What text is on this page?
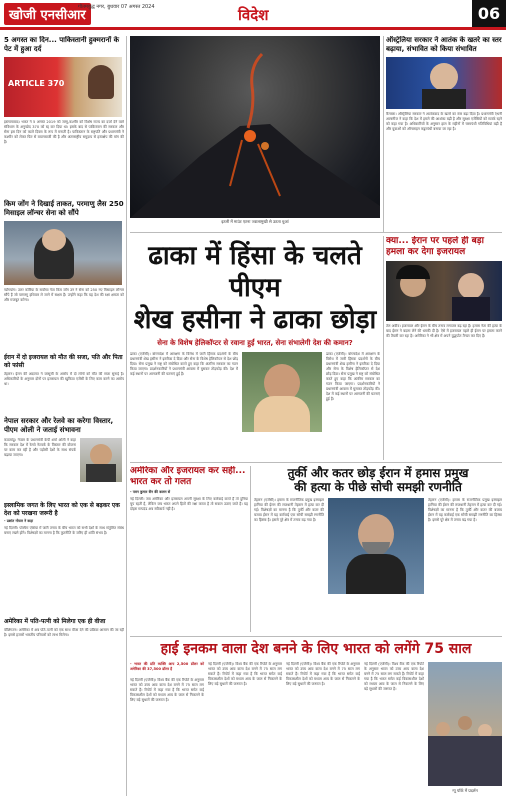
खोजी एनसीआर
गौतमबुद्ध नगर, बुधवार 07 अगस्त 2024	विदेश	06
5 अगस्त का दिन... पाकिस्तानी हुक्मरानों के पेट में हुआ दर्द
ARTICLE 370
इस्लामाबाद। भारत ने 5 अगस्त 2019 को जम्मू-कश्मीर को विशेष राज्य का दर्जा देने वाले संविधान के अनुच्छेद 370 को रद्द कर दिया था। इसके बाद से पाकिस्तान की सरकार और सेना इस दिन को काले दिवस के रूप में मनाती है। पाकिस्तान के राष्ट्रपति और प्रधानमंत्री ने कश्मीर को लेकर फिर से बयानबाजी की है और अंतरराष्ट्रीय समुदाय से हस्तक्षेप की मांग की है।
किम जोंग ने दिखाई ताकत, परमाणु लैस 250 मिसाइल लॉन्चर सेना को सौंपे
प्योंगयांग। उत्तर कोरिया के सर्वोच्च नेता किम जोंग उन ने सेना को 250 नए मिसाइल लॉन्चर सौंपे हैं जो परमाणु हथियार ले जाने में सक्षम हैं। उन्होंने कहा कि यह देश की रक्षा क्षमता को और मजबूत करेगा।
ईरान में दो इजरायल को मौत की सजा, पति और पिता को फांसी
तेहरान। ईरान की अदालत ने जासूसी के आरोप में दो लोगों को मौत की सजा सुनाई है। अधिकारियों के अनुसार दोनों पर इजरायल की खुफिया एजेंसी के लिए काम करने का आरोप था।
नेपाल सरकार और रेलवे का करेगा विस्तार, पीएम ओली ने जताई संभावना
काठमांडू। नेपाल के प्रधानमंत्री केपी शर्मा ओली ने कहा कि सरकार देश में रेलवे नेटवर्क के विस्तार की योजना पर काम कर रही है और पड़ोसी देशों के साथ संपर्क बढ़ाया जाएगा।
इस्लामिक जगत के लिए भारत को एक से बढ़कर एक देश को परखना जरूरी है
- प्रशांत गोयल ने कहा
नई दिल्ली। पश्चिम एशिया में जारी तनाव के बीच भारत को सभी देशों के साथ संतुलित संबंध बनाए रखने होंगे। विशेषज्ञों का मानना है कि कूटनीति के जरिए ही शांति संभव है।
अमेरिका में पति-पत्नी को मिलेगा एक ही वीजा
वॉशिंगटन। अमेरिका में अब पति-पत्नी को एक साथ वीजा देने की प्रक्रिया आसान की जा रही है। इससे हजारों भारतीय परिवारों को लाभ मिलेगा।
इटली में माउंट एटना ज्वालामुखी से उठता धुआं
ऑस्ट्रेलिया सरकार ने आतंक के खतरे का स्तर बढ़ाया, संभावित को किया संभावित
कैनबरा। ऑस्ट्रेलिया सरकार ने आतंकवाद के खतरे का स्तर बढ़ा दिया है। प्रधानमंत्री एंथनी अल्बनीज ने कहा कि देश में हमले की आशंका बढ़ी है और सुरक्षा एजेंसियों को सतर्क रहने को कहा गया है। अधिकारियों के अनुसार हाल के महीनों में चरमपंथी गतिविधियां बढ़ी हैं और युवाओं को ऑनलाइन कट्टरपंथी बनाया जा रहा है।
ढाका में हिंसा के चलते पीएम
शेख हसीना ने ढाका छोड़ा
सेना के विशेष हेलिकॉप्टर से रवाना हुईं भारत, सेना संभालेगी देश की कमान?
ढाका (एजेंसी)। बांग्लादेश में आरक्षण के विरोध में जारी हिंसक प्रदर्शनों के बीच प्रधानमंत्री शेख हसीना ने इस्तीफा दे दिया और सेना के विशेष हेलिकॉप्टर से देश छोड़ दिया। सेना प्रमुख ने राष्ट्र को संबोधित करते हुए कहा कि अंतरिम सरकार का गठन किया जाएगा। प्रदर्शनकारियों ने प्रधानमंत्री आवास में घुसकर तोड़फोड़ की। देश में कई स्थानों पर आगजनी की घटनाएं हुई हैं।
ढाका (एजेंसी)। बांग्लादेश में आरक्षण के विरोध में जारी हिंसक प्रदर्शनों के बीच प्रधानमंत्री शेख हसीना ने इस्तीफा दे दिया और सेना के विशेष हेलिकॉप्टर से देश छोड़ दिया। सेना प्रमुख ने राष्ट्र को संबोधित करते हुए कहा कि अंतरिम सरकार का गठन किया जाएगा। प्रदर्शनकारियों ने प्रधानमंत्री आवास में घुसकर तोड़फोड़ की। देश में कई स्थानों पर आगजनी की घटनाएं हुई हैं।
क्या... ईरान पर पहले ही बड़ा हमला कर देगा इजरायल
तेल अवीव। इजरायल और ईरान के बीच तनाव लगातार बढ़ रहा है। हमास नेता की हत्या के बाद ईरान ने बदला लेने की धमकी दी है। ऐसे में इजरायल पहले ही ईरान पर हमला करने की तैयारी कर रहा है। अमेरिका ने भी क्षेत्र में अपने युद्धपोत तैनात कर दिए हैं।
अमेरिका और इजरायल कर सही... भारत कर तो गलत
- पवन कुमार सैन की कलम से
नई दिल्ली। जब अमेरिका और इजरायल अपनी सुरक्षा के लिए कार्रवाई करते हैं तो दुनिया चुप रहती है, लेकिन जब भारत अपने हितों की रक्षा करता है तो सवाल उठाए जाते हैं। यह दोहरा मापदंड अब स्वीकार्य नहीं है।
तुर्की और कतर छोड़ ईरान में हमास प्रमुख
की हत्या के पीछे सोची समझी रणनीति
तेहरान (एजेंसी)। हमास के राजनीतिक प्रमुख इस्माइल हानिया की ईरान की राजधानी तेहरान में हत्या कर दी गई। विशेषज्ञों का मानना है कि तुर्की और कतर की बजाय ईरान में यह कार्रवाई एक सोची समझी रणनीति का हिस्सा है। इससे पूरे क्षेत्र में तनाव बढ़ गया है।
तेहरान (एजेंसी)। हमास के राजनीतिक प्रमुख इस्माइल हानिया की ईरान की राजधानी तेहरान में हत्या कर दी गई। विशेषज्ञों का मानना है कि तुर्की और कतर की बजाय ईरान में यह कार्रवाई एक सोची समझी रणनीति का हिस्सा है। इससे पूरे क्षेत्र में तनाव बढ़ गया है।
हाई इनकम वाला देश बनने के लिए भारत को लगेंगे 75 साल
- भारत की प्रति व्यक्ति आय 2,500 डॉलर को अमेरिका की 37,500 डॉलर है
नई दिल्ली (एजेंसी)। विश्व बैंक की एक रिपोर्ट के अनुसार भारत को उच्च आय वाला देश बनने में 75 साल लग सकते हैं। रिपोर्ट में कहा गया है कि भारत समेत कई विकासशील देशों को मध्यम आय के जाल से निकलने के लिए बड़े सुधारों की जरूरत है।
नई दिल्ली (एजेंसी)। विश्व बैंक की एक रिपोर्ट के अनुसार भारत को उच्च आय वाला देश बनने में 75 साल लग सकते हैं। रिपोर्ट में कहा गया है कि भारत समेत कई विकासशील देशों को मध्यम आय के जाल से निकलने के लिए बड़े सुधारों की जरूरत है।
नई दिल्ली (एजेंसी)। विश्व बैंक की एक रिपोर्ट के अनुसार भारत को उच्च आय वाला देश बनने में 75 साल लग सकते हैं। रिपोर्ट में कहा गया है कि भारत समेत कई विकासशील देशों को मध्यम आय के जाल से निकलने के लिए बड़े सुधारों की जरूरत है।
नई दिल्ली (एजेंसी)। विश्व बैंक की एक रिपोर्ट के अनुसार भारत को उच्च आय वाला देश बनने में 75 साल लग सकते हैं। रिपोर्ट में कहा गया है कि भारत समेत कई विकासशील देशों को मध्यम आय के जाल से निकलने के लिए बड़े सुधारों की जरूरत है।
न्यू यॉर्क में प्रदर्शन
